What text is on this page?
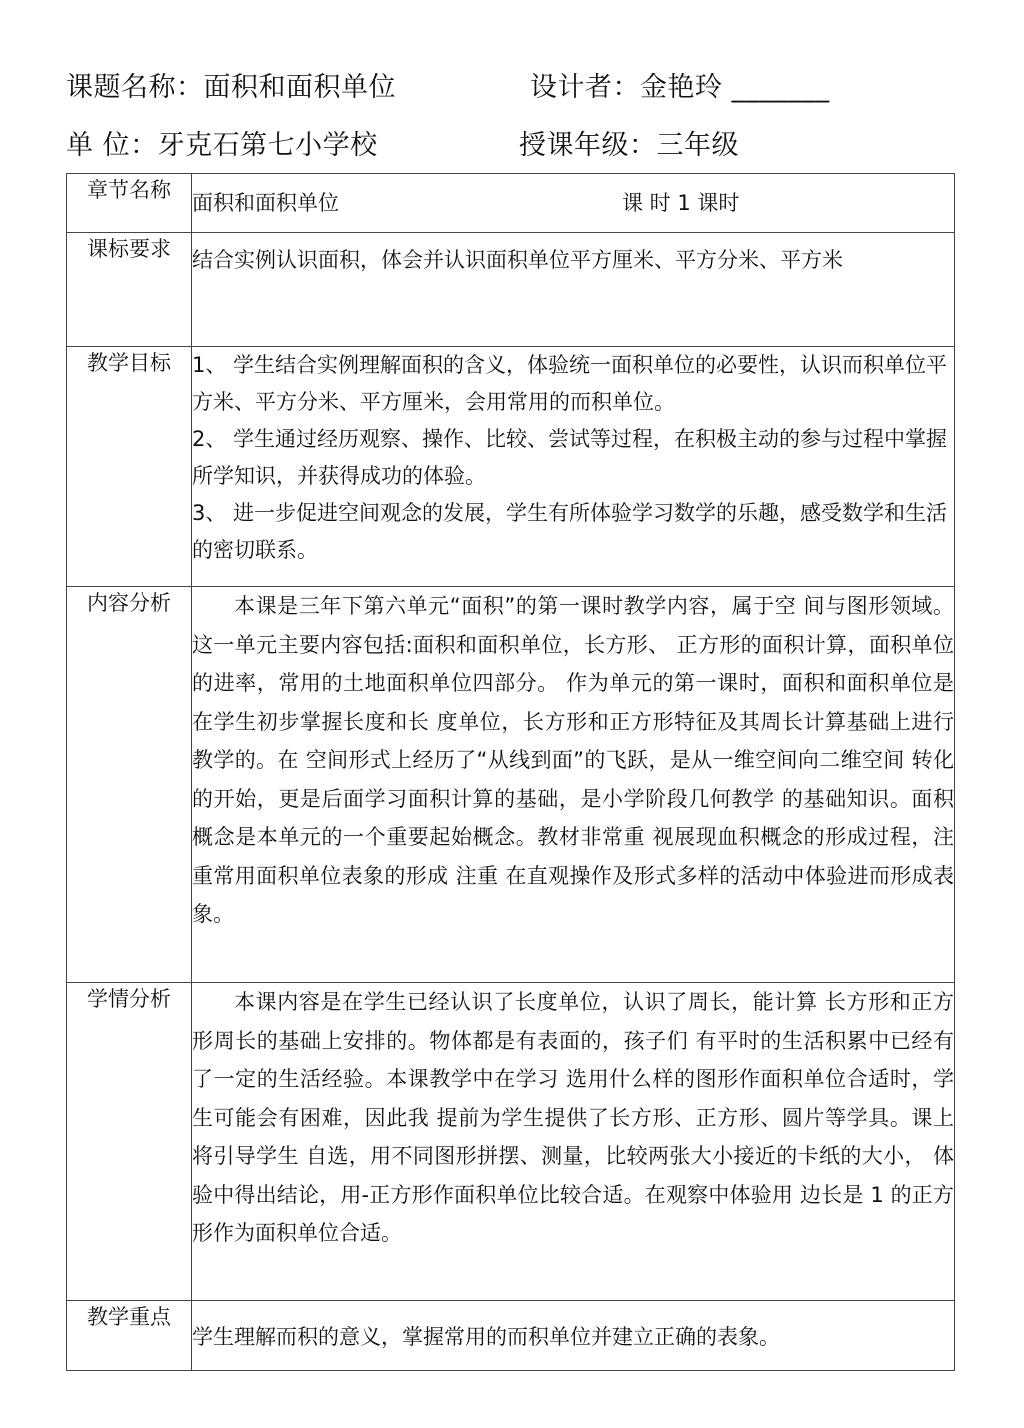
课题名称：面积和面积单位	设计者：金艳玲 _______
单 位：牙克石第七小学校	授课年级：三年级
章节名称	面积和面积单位 课 时 1 课时

课标要求	结合实例认识面积，体会并认识面积单位平方厘米、平方分米、平方米
教学目标	1、 学生结合实例理解面积的含义，体验统一面积单位的必要性，认识而积单位平方米、平方分米、平方厘米，会用常用的而积单位。

2、 学生通过经历观察、操作、比较、尝试等过程，在积极主动的参与过程中掌握所学知识，并获得成功的体验。

3、 进一步促进空间观念的发展，学生有所体验学习数学的乐趣，感受数学和生活的密切联系。

内容分析	本课是三年下第六单元“面积”的第一课时教学内容，属于空 间与图形领域。这一单元主要内容包括:面积和面积单位，长方形、 正方形的面积计算，面积单位的进率，常用的土地面积单位四部分。 作为单元的第一课时，面积和面积单位是在学生初步掌握长度和长 度单位，长方形和正方形特征及其周长计算基础上进行教学的。在 空间形式上经历了“从线到面”的飞跃，是从一维空间向二维空间 转化的开始，更是后面学习面积计算的基础，是小学阶段几何教学 的基础知识。面积概念是本单元的一个重要起始概念。教材非常重 视展现血积概念的形成过程，注重常用面积单位表象的形成 注重 在直观操作及形式多样的活动中体验进而形成表象。
学情分析	本课内容是在学生已经认识了长度单位，认识了周长，能计算 长方形和正方形周长的基础上安排的。物体都是有表面的，孩子们 有平时的生活积累中已经有了一定的生活经验。本课教学中在学习 选用什么样的图形作面积单位合适时，学生可能会有困难，因此我 提前为学生提供了长方形、正方形、圆片等学具。课上将引导学生 自选，用不同图形拼摆、测量，比较两张大小接近的卡纸的大小， 体验中得出结论，用-正方形作面积单位比较合适。在观察中体验用 边长是 1 的正方形作为面积单位合适。
教学重点	学生理解而积的意义，掌握常用的而积单位并建立正确的表象。
